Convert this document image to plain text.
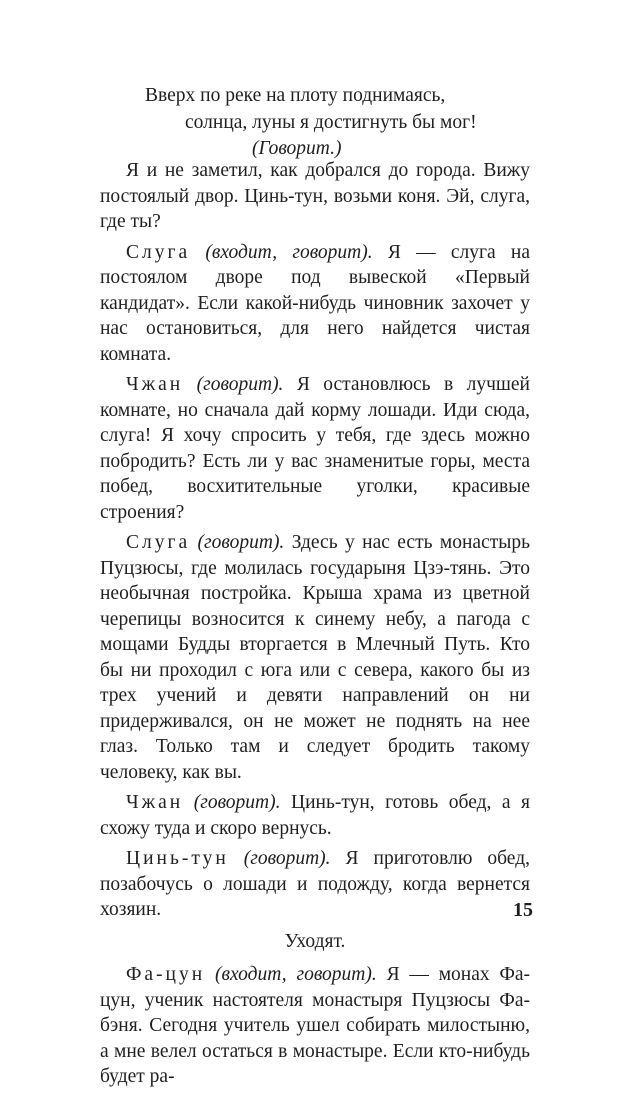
Вверх по реке на плоту поднимаясь,
солнца, луны я достигнуть бы мог!
(Говорит.)

Я и не заметил, как добрался до города. Вижу постоялый двор. Цинь-тун, возьми коня. Эй, слуга, где ты?

Слуга (входит, говорит). Я — слуга на постоялом дворе под вывеской «Первый кандидат». Если какой-нибудь чиновник захочет у нас остановиться, для него найдется чистая комната.

Чжан (говорит). Я остановлюсь в лучшей комнате, но сначала дай корму лошади. Иди сюда, слуга! Я хочу спросить у тебя, где здесь можно побродить? Есть ли у вас знаменитые горы, места побед, восхитительные уголки, красивые строения?

Слуга (говорит). Здесь у нас есть монастырь Пуцзюсы, где молилась государыня Цзэ-тянь. Это необычная постройка. Крыша храма из цветной черепицы возносится к синему небу, а пагода с мощами Будды вторгается в Млечный Путь. Кто бы ни проходил с юга или с севера, какого бы из трех учений и девяти направлений он ни придерживался, он не может не поднять на нее глаз. Только там и следует бродить такому человеку, как вы.

Чжан (говорит). Цинь-тун, готовь обед, а я схожу туда и скоро вернусь.

Цинь-тун (говорит). Я приготовлю обед, позабочусь о лошади и подожду, когда вернется хозяин.

Уходят.

Фа-цун (входит, говорит). Я — монах Фа-цун, ученик настоятеля монастыря Пуцзюсы Фа-бэня. Сегодня учитель ушел собирать милостыню, а мне велел остаться в монастыре. Если кто-нибудь будет ра-

15
